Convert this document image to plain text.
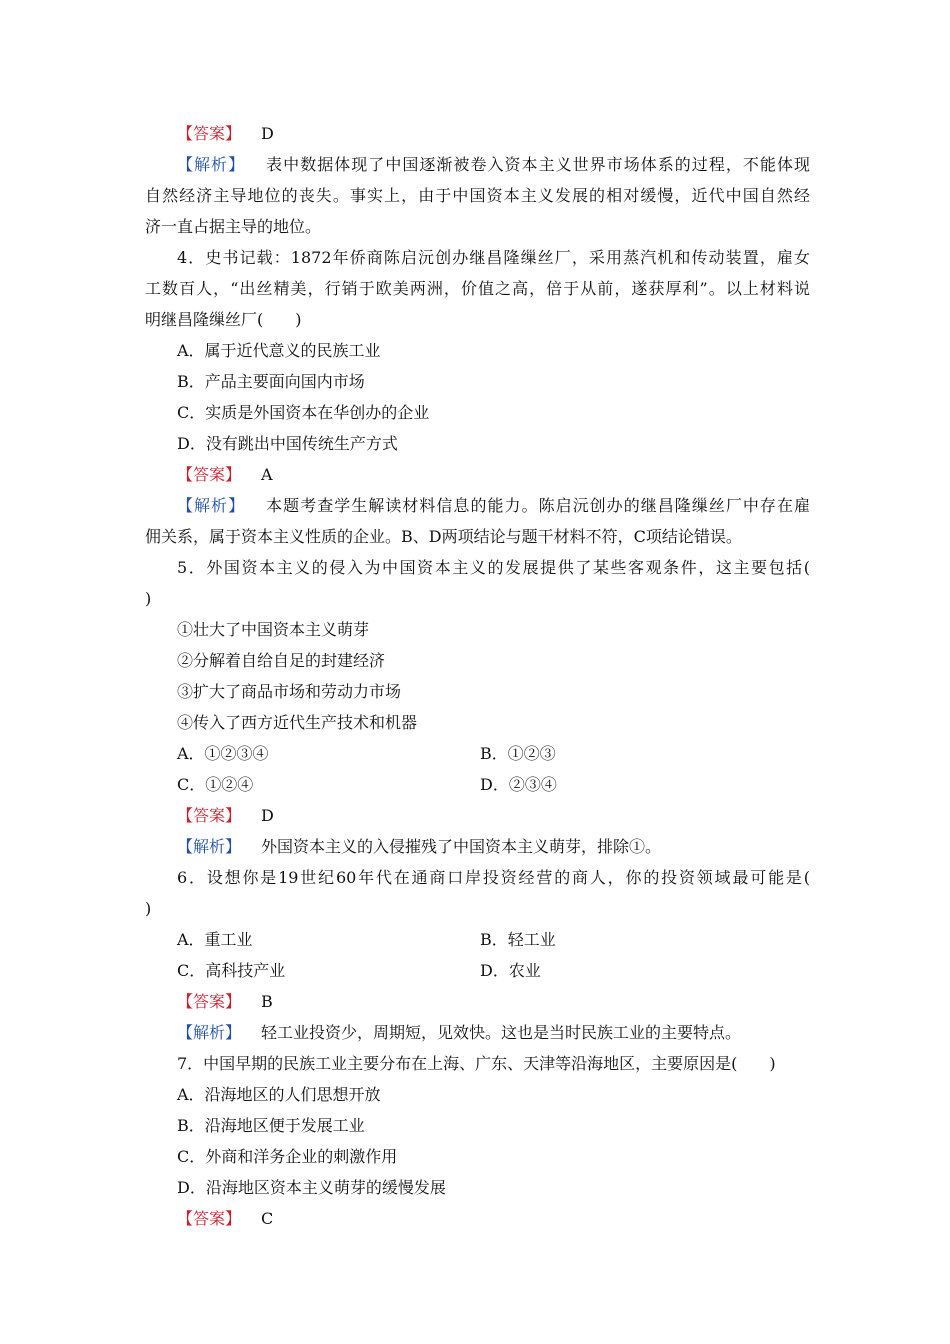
【答案】 D
【解析】 表中数据体现了中国逐渐被卷入资本主义世界市场体系的过程，不能体现
自然经济主导地位的丧失。事实上，由于中国资本主义发展的相对缓慢，近代中国自然经
济一直占据主导的地位。
4．史书记载：1872年侨商陈启沅创办继昌隆缫丝厂，采用蒸汽机和传动装置，雇女
工数百人，“出丝精美，行销于欧美两洲，价值之高，倍于从前，遂获厚利”。以上材料说
明继昌隆缫丝厂(　　)
A．属于近代意义的民族工业
B．产品主要面向国内市场
C．实质是外国资本在华创办的企业
D．没有跳出中国传统生产方式
【答案】 A
【解析】 本题考查学生解读材料信息的能力。陈启沅创办的继昌隆缫丝厂中存在雇
佣关系，属于资本主义性质的企业。B、D两项结论与题干材料不符，C项结论错误。
5．外国资本主义的侵入为中国资本主义的发展提供了某些客观条件，这主要包括(
)
①壮大了中国资本主义萌芽
②分解着自给自足的封建经济
③扩大了商品市场和劳动力市场
④传入了西方近代生产技术和机器
A．①②③④	B．①②③
C．①②④	D．②③④
【答案】 D
【解析】 外国资本主义的入侵摧残了中国资本主义萌芽，排除①。
6．设想你是19世纪60年代在通商口岸投资经营的商人，你的投资领域最可能是(
)
A．重工业	B．轻工业
C．高科技产业	D．农业
【答案】 B
【解析】 轻工业投资少，周期短，见效快。这也是当时民族工业的主要特点。
7．中国早期的民族工业主要分布在上海、广东、天津等沿海地区，主要原因是(　　)
A．沿海地区的人们思想开放
B．沿海地区便于发展工业
C．外商和洋务企业的刺激作用
D．沿海地区资本主义萌芽的缓慢发展
【答案】 C
